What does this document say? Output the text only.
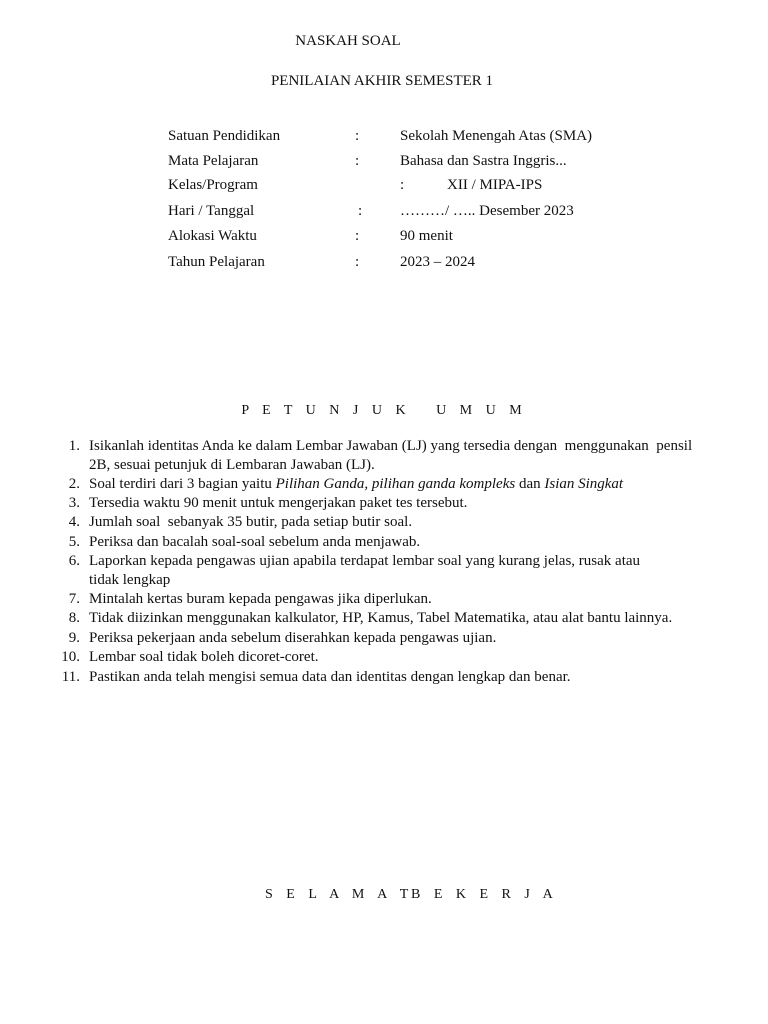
NASKAH SOAL
PENILAIAN AKHIR SEMESTER 1
Satuan Pendidikan	:	Sekolah Menengah Atas (SMA)
Mata Pelajaran	:	Bahasa dan Sastra Inggris...
Kelas/Program	:	XII / MIPA-IPS
Hari / Tanggal	:	………/ ….. Desember 2023
Alokasi Waktu	:	90 menit
Tahun Pelajaran	:	2023 – 2024
P E T U N J U K   U M U M
1. Isikanlah identitas Anda ke dalam Lembar Jawaban (LJ) yang tersedia dengan  menggunakan  pensil
2B, sesuai petunjuk di Lembaran Jawaban (LJ).
2. Soal terdiri dari 3 bagian yaitu Pilihan Ganda, pilihan ganda kompleks dan Isian Singkat
3. Tersedia waktu 90 menit untuk mengerjakan paket tes tersebut.
4. Jumlah soal  sebanyak 35 butir, pada setiap butir soal.
5. Periksa dan bacalah soal-soal sebelum anda menjawab.
6. Laporkan kepada pengawas ujian apabila terdapat lembar soal yang kurang jelas, rusak atau
tidak lengkap
7. Mintalah kertas buram kepada pengawas jika diperlukan.
8. Tidak diizinkan menggunakan kalkulator, HP, Kamus, Tabel Matematika, atau alat bantu lainnya.
9. Periksa pekerjaan anda sebelum diserahkan kepada pengawas ujian.
10. Lembar soal tidak boleh dicoret-coret.
11. Pastikan anda telah mengisi semua data dan identitas dengan lengkap dan benar.
S E L A M A T
B E K E R J A
